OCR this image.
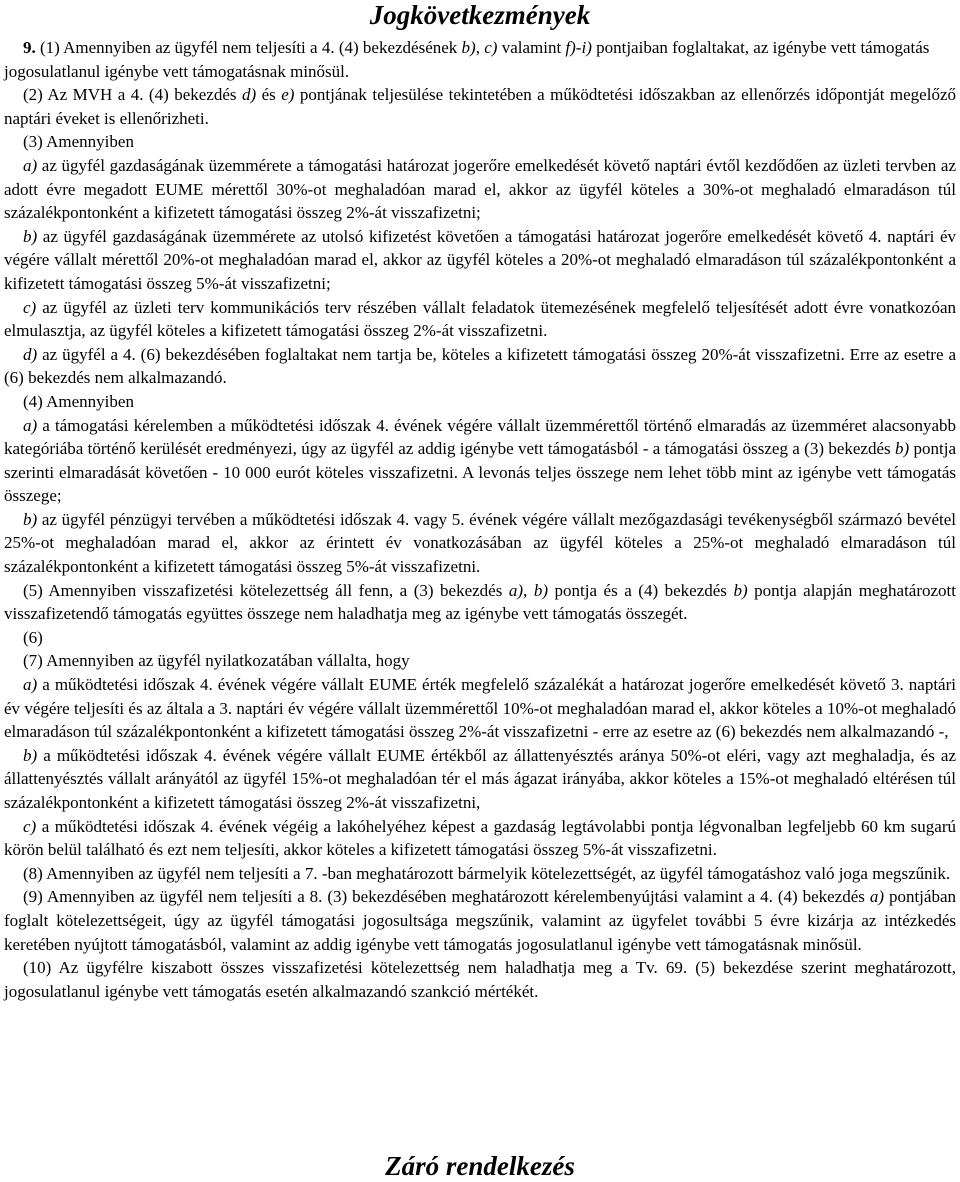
Jogkövetkezmények

9. (1) Amennyiben az ügyfél nem teljesíti a 4. (4) bekezdésének b), c) valamint f)-i) pontjaiban foglaltakat, az igénybe vett támogatás jogosulatlanul igénybe vett támogatásnak minősül.

(2) Az MVH a 4. (4) bekezdés d) és e) pontjának teljesülése tekintetében a működtetési időszakban az ellenőrzés időpontját megelőző naptári éveket is ellenőrizheti.

(3) Amennyiben

a) az ügyfél gazdaságának üzemmérete a támogatási határozat jogerőre emelkedését követő naptári évtől kezdődően az üzleti tervben az adott évre megadott EUME mérettől 30%-ot meghaladóan marad el, akkor az ügyfél köteles a 30%-ot meghaladó elmaradáson túl százalékpontonként a kifizetett támogatási összeg 2%-át visszafizetni;

b) az ügyfél gazdaságának üzemmérete az utolsó kifizetést követően a támogatási határozat jogerőre emelkedését követő 4. naptári év végére vállalt mérettől 20%-ot meghaladóan marad el, akkor az ügyfél köteles a 20%-ot meghaladó elmaradáson túl százalékpontonként a kifizetett támogatási összeg 5%-át visszafizetni;

c) az ügyfél az üzleti terv kommunikációs terv részében vállalt feladatok ütemezésének megfelelő teljesítését adott évre vonatkozóan elmulasztja, az ügyfél köteles a kifizetett támogatási összeg 2%-át visszafizetni.

d) az ügyfél a 4. (6) bekezdésében foglaltakat nem tartja be, köteles a kifizetett támogatási összeg 20%-át visszafizetni. Erre az esetre a (6) bekezdés nem alkalmazandó.

(4) Amennyiben

a) a támogatási kérelemben a működtetési időszak 4. évének végére vállalt üzemmérettől történő elmaradás az üzemméret alacsonyabb kategóriába történő kerülését eredményezi, úgy az ügyfél az addig igénybe vett támogatásból - a támogatási összeg a (3) bekezdés b) pontja szerinti elmaradását követően - 10 000 eurót köteles visszafizetni. A levonás teljes összege nem lehet több mint az igénybe vett támogatás összege;

b) az ügyfél pénzügyi tervében a működtetési időszak 4. vagy 5. évének végére vállalt mezőgazdasági tevékenységből származó bevétel 25%-ot meghaladóan marad el, akkor az érintett év vonatkozásában az ügyfél köteles a 25%-ot meghaladó elmaradáson túl százalékpontonként a kifizetett támogatási összeg 5%-át visszafizetni.

(5) Amennyiben visszafizetési kötelezettség áll fenn, a (3) bekezdés a), b) pontja és a (4) bekezdés b) pontja alapján meghatározott visszafizetendő támogatás együttes összege nem haladhatja meg az igénybe vett támogatás összegét.

(6)

(7) Amennyiben az ügyfél nyilatkozatában vállalta, hogy

a) a működtetési időszak 4. évének végére vállalt EUME érték megfelelő százalékát a határozat jogerőre emelkedését követő 3. naptári év végére teljesíti és az általa a 3. naptári év végére vállalt üzemmérettől 10%-ot meghaladóan marad el, akkor köteles a 10%-ot meghaladó elmaradáson túl százalékpontonként a kifizetett támogatási összeg 2%-át visszafizetni - erre az esetre az (6) bekezdés nem alkalmazandó -,

b) a működtetési időszak 4. évének végére vállalt EUME értékből az állattenyésztés aránya 50%-ot eléri, vagy azt meghaladja, és az állattenyésztés vállalt arányától az ügyfél 15%-ot meghaladóan tér el más ágazat irányába, akkor köteles a 15%-ot meghaladó eltérésen túl százalékpontonként a kifizetett támogatási összeg 2%-át visszafizetni,

c) a működtetési időszak 4. évének végéig a lakóhelyéhez képest a gazdaság legtávolabbi pontja légvonalban legfeljebb 60 km sugarú körön belül található és ezt nem teljesíti, akkor köteles a kifizetett támogatási összeg 5%-át visszafizetni.

(8) Amennyiben az ügyfél nem teljesíti a 7. -ban meghatározott bármelyik kötelezettségét, az ügyfél támogatáshoz való joga megszűnik.

(9) Amennyiben az ügyfél nem teljesíti a 8. (3) bekezdésében meghatározott kérelembenyújtási valamint a 4. (4) bekezdés a) pontjában foglalt kötelezettségeit, úgy az ügyfél támogatási jogosultsága megszűnik, valamint az ügyfelet további 5 évre kizárja az intézkedés keretében nyújtott támogatásból, valamint az addig igénybe vett támogatás jogosulatlanul igénybe vett támogatásnak minősül.

(10) Az ügyfélre kiszabott összes visszafizetési kötelezettség nem haladhatja meg a Tv. 69. (5) bekezdése szerint meghatározott, jogosulatlanul igénybe vett támogatás esetén alkalmazandó szankció mértékét.

Záró rendelkezés
